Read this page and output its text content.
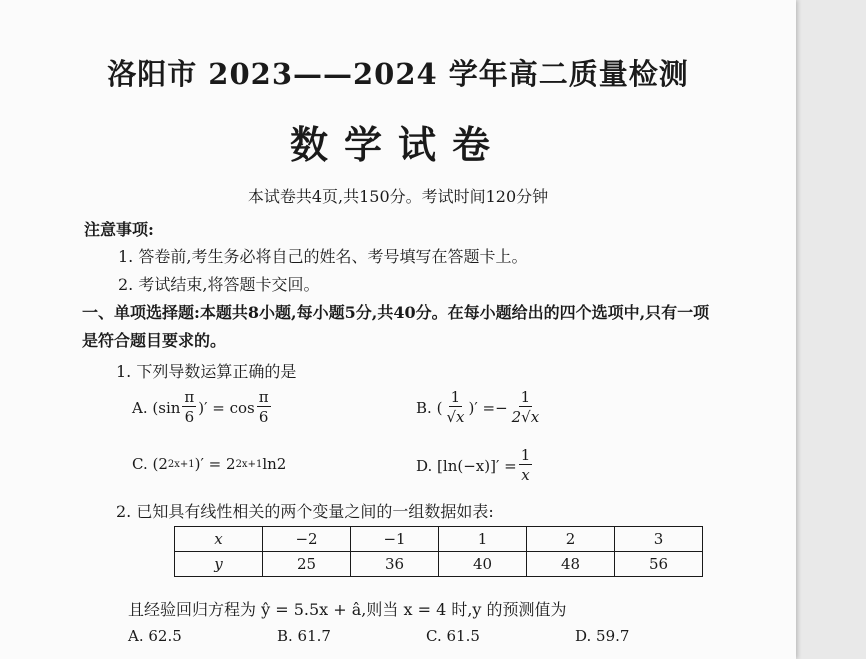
洛阳市 2023——2024 学年高二质量检测
数学试卷
本试卷共4页,共150分。考试时间120分钟
注意事项:
1. 答卷前,考生务必将自己的姓名、考号填写在答题卡上。
2. 考试结束,将答题卡交回。
一、单项选择题:本题共8小题,每小题5分,共40分。在每小题给出的四个选项中,只有一项
是符合题目要求的。
1. 下列导数运算正确的是
A.
($\sin \frac{\pi}{6}$ )′ = $\cos \frac{\pi}{6}$	B.
( $\frac{1}{√x}$ )′ =− $\frac{1}{2√x}$
C.
(2 2x+1 )′ = 2 2x+1 ln2	D.
$[\ln(-x)]' = \frac{1}{x}$
2. 已知具有线性相关的两个变量之间的一组数据如表:
x	−2	−1	1	2	3
y	25	36	40	48	56
且经验回归方程为 ŷ = 5.5x + â,则当 x = 4 时,y 的预测值为
A. 62.5	B. 61.7	C. 61.5	D. 59.7
